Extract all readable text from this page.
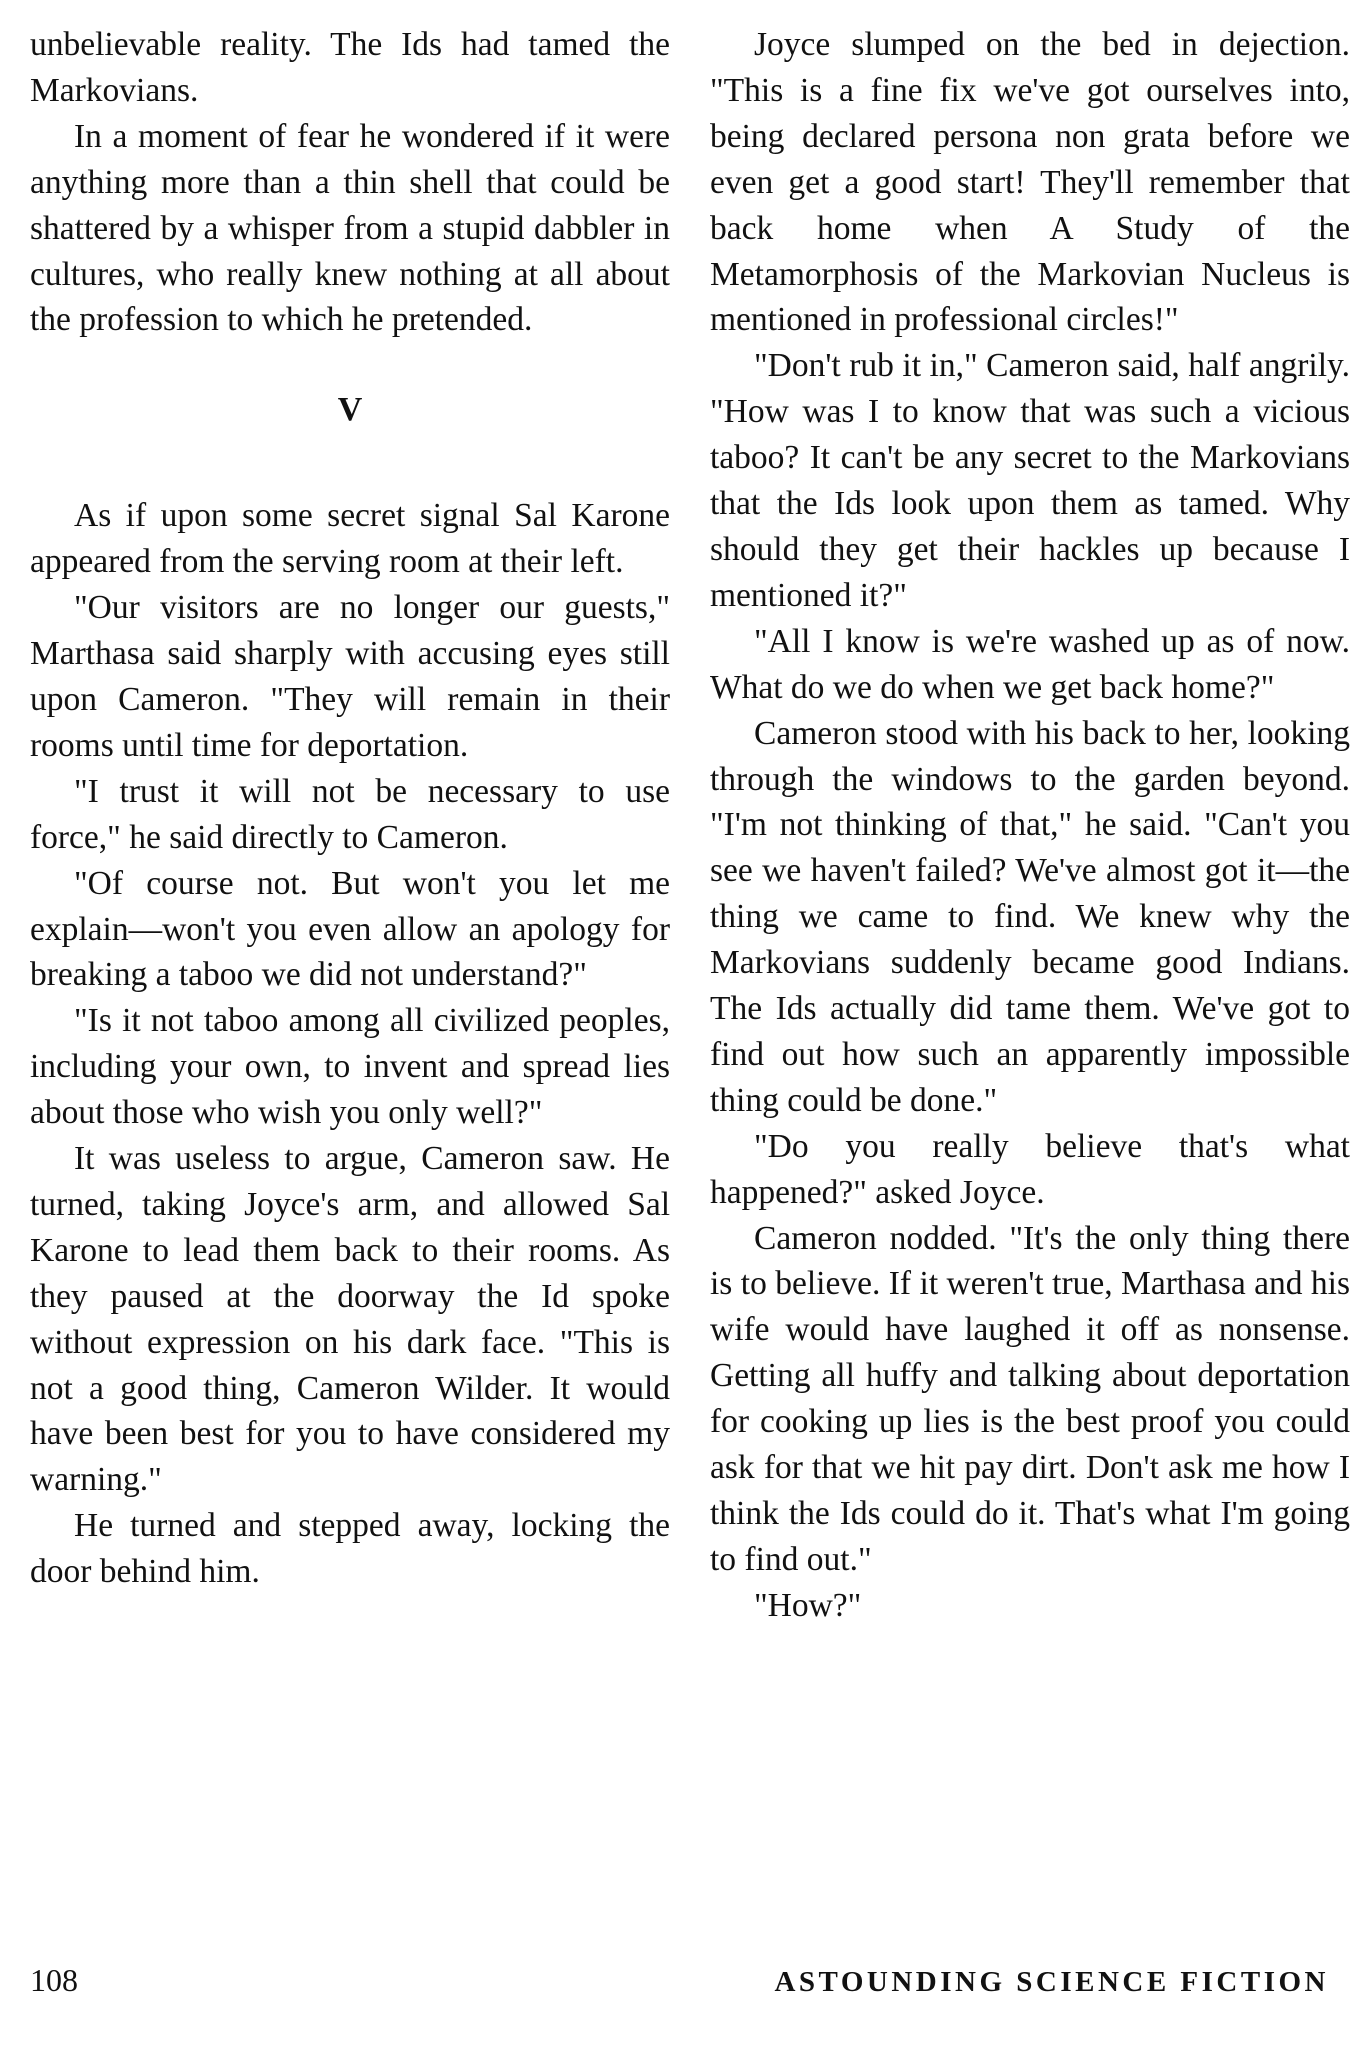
unbelievable reality. The Ids had tamed the Markovians.

In a moment of fear he wondered if it were anything more than a thin shell that could be shattered by a whisper from a stupid dabbler in cultures, who really knew nothing at all about the profession to which he pretended.

V

As if upon some secret signal Sal Karone appeared from the serving room at their left.

"Our visitors are no longer our guests," Marthasa said sharply with accusing eyes still upon Cameron. "They will remain in their rooms until time for deportation.

"I trust it will not be necessary to use force," he said directly to Cameron.

"Of course not. But won't you let me explain—won't you even allow an apology for breaking a taboo we did not understand?"

"Is it not taboo among all civilized peoples, including your own, to invent and spread lies about those who wish you only well?"

It was useless to argue, Cameron saw. He turned, taking Joyce's arm, and allowed Sal Karone to lead them back to their rooms. As they paused at the doorway the Id spoke without expression on his dark face. "This is not a good thing, Cameron Wilder. It would have been best for you to have considered my warning."

He turned and stepped away, locking the door behind him.

Joyce slumped on the bed in dejection. "This is a fine fix we've got ourselves into, being declared persona non grata before we even get a good start! They'll remember that back home when A Study of the Metamorphosis of the Markovian Nucleus is mentioned in professional circles!"

"Don't rub it in," Cameron said, half angrily. "How was I to know that was such a vicious taboo? It can't be any secret to the Markovians that the Ids look upon them as tamed. Why should they get their hackles up because I mentioned it?"

"All I know is we're washed up as of now. What do we do when we get back home?"

Cameron stood with his back to her, looking through the windows to the garden beyond. "I'm not thinking of that," he said. "Can't you see we haven't failed? We've almost got it—the thing we came to find. We knew why the Markovians suddenly became good Indians. The Ids actually did tame them. We've got to find out how such an apparently impossible thing could be done."

"Do you really believe that's what happened?" asked Joyce.

Cameron nodded. "It's the only thing there is to believe. If it weren't true, Marthasa and his wife would have laughed it off as nonsense. Getting all huffy and talking about deportation for cooking up lies is the best proof you could ask for that we hit pay dirt. Don't ask me how I think the Ids could do it. That's what I'm going to find out."

"How?"

108	ASTOUNDING SCIENCE FICTION
